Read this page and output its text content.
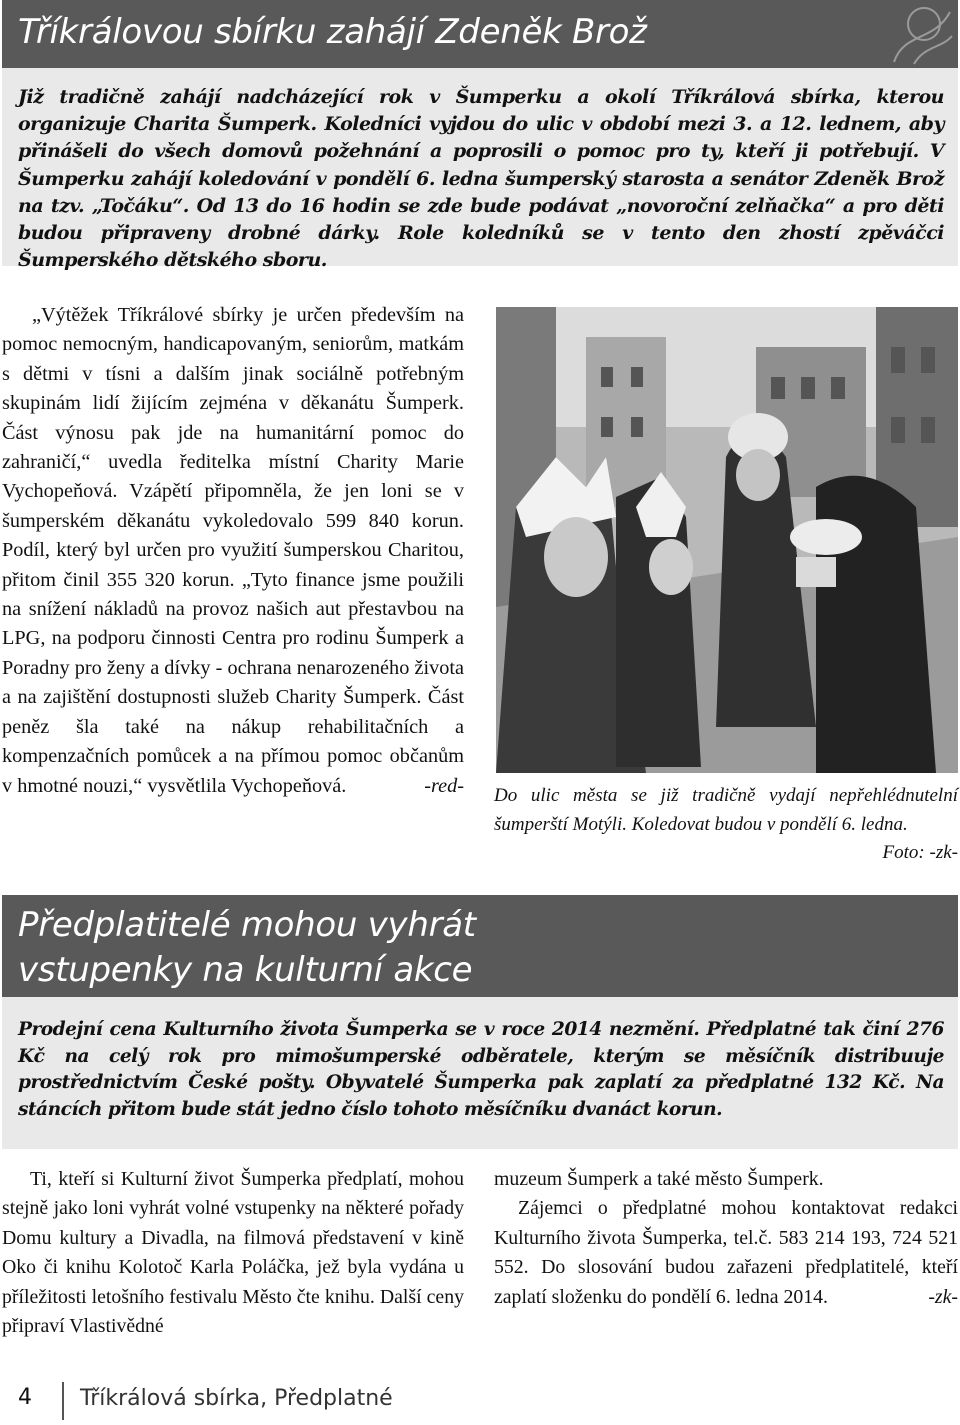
Tříkrálovou sbírku zahájí Zdeněk Brož

Již tradičně zahájí nadcházející rok v Šumperku a okolí Tříkrálová sbírka, kterou organizuje Charita Šumperk. Koledníci vyjdou do ulic v období mezi 3. a 12. lednem, aby přinášeli do všech domovů požehnání a poprosili o pomoc pro ty, kteří ji potřebují. V Šumperku zahájí koledování v pondělí 6. ledna šumperský starosta a senátor Zdeněk Brož na tzv. „Točáku“. Od 13 do 16 hodin se zde bude podávat „novoroční zelňačka“ a pro děti budou připraveny drobné dárky. Role koledníků se v tento den zhostí zpěváčci Šumperského dětského sboru.

„Výtěžek Tříkrálové sbírky je určen především na pomoc nemocným, handicapovaným, seniorům, matkám s dětmi v tísni a dalším jinak sociálně potřebným skupinám lidí žijícím zejména v děkanátu Šumperk. Část výnosu pak jde na humanitární pomoc do zahraničí,“ uvedla ředitelka místní Charity Marie Vychopeňová. Vzápětí připomněla, že jen loni se v šumperském děkanátu vykoledovalo 599 840 korun. Podíl, který byl určen pro využití šumperskou Charitou, přitom činil 355 320 korun. „Tyto finance jsme použili na snížení nákladů na provoz našich aut přestavbou na LPG, na podporu činnosti Centra pro rodinu Šumperk a Poradny pro ženy a dívky - ochrana nenarozeného života a na zajištění dostupnosti služeb Charity Šumperk. Část peněz šla také na nákup rehabilitačních a kompenzačních pomůcek a na přímou pomoc občanům v hmotné nouzi,“ vysvětlila Vychopeňová.	-red- Do ulic města se již tradičně vydají nepřehlédnutelní šumperští Motýli. Koledovat budou v pondělí 6. ledna.
Foto: -zk-
Předplatitelé mohou vyhrát
vstupenky na kulturní akce

Prodejní cena Kulturního života Šumperka se v roce 2014 nezmění. Předplatné tak činí 276 Kč na celý rok pro mimošumperské odběratele, kterým se měsíčník distribuuje prostřednictvím České pošty. Obyvatelé Šumperka pak zaplatí za předplatné 132 Kč. Na stáncích přitom bude stát jedno číslo tohoto měsíčníku dvanáct korun.

Ti, kteří si Kulturní život Šumperka předplatí, mohou stejně jako loni vyhrát volné vstupenky na některé pořady Domu kultury a Divadla, na filmová představení v kině Oko či knihu Kolotoč Karla Poláčka, jež byla vydána u příležitosti letošního festivalu Město čte knihu. Další ceny připraví Vlastivědné

muzeum Šumperk a také město Šumperk.

Zájemci o předplatné mohou kontaktovat redakci Kulturního života Šumperka, tel.č. 583 214 193, 724 521 552. Do slosování budou zařazeni předplatitelé, kteří zaplatí složenku do pondělí 6. ledna 2014.	-zk-

4 Tříkrálová sbírka, Předplatné
